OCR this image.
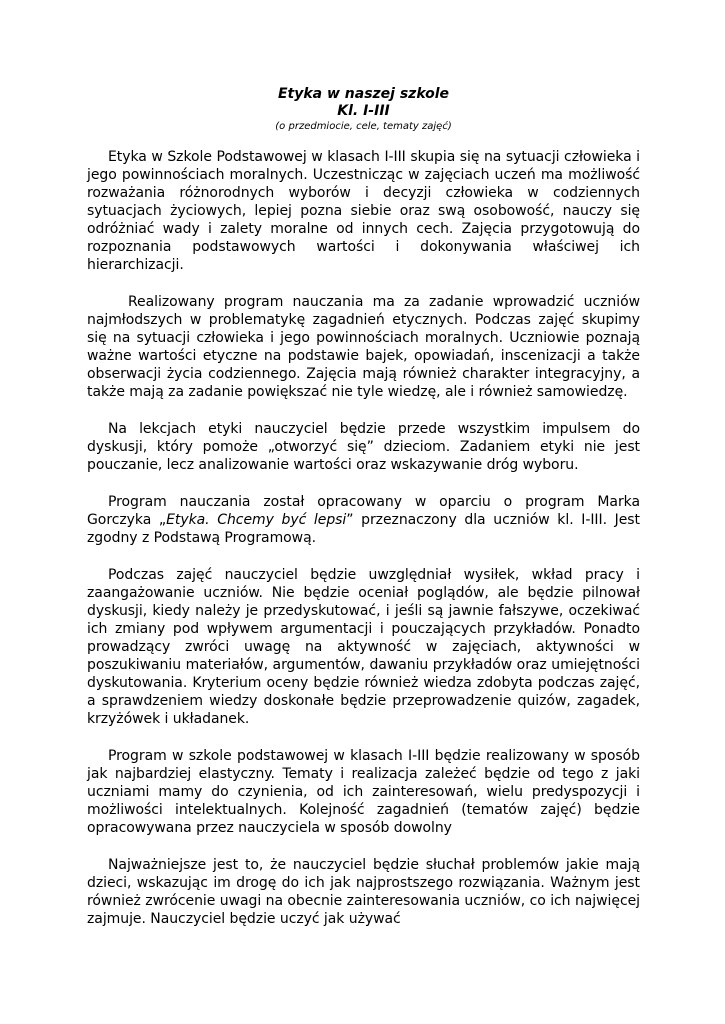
Etyka w naszej szkole

Kl. I-III

(o przedmiocie, cele, tematy zajęć)

Etyka w Szkole Podstawowej w klasach I-III skupia się na sytuacji człowieka i jego powinnościach moralnych. Uczestnicząc w zajęciach uczeń ma możliwość rozważania różnorodnych wyborów i decyzji człowieka w codziennych sytuacjach życiowych, lepiej pozna siebie oraz swą osobowość, nauczy się odróżniać wady i zalety moralne od innych cech. Zajęcia przygotowują do rozpoznania podstawowych wartości i dokonywania właściwej ich hierarchizacji.

Realizowany program nauczania ma za zadanie wprowadzić uczniów najmłodszych w problematykę zagadnień etycznych. Podczas zajęć skupimy się na sytuacji człowieka i jego powinnościach moralnych. Uczniowie poznają ważne wartości etyczne na podstawie bajek, opowiadań, inscenizacji a także obserwacji życia codziennego. Zajęcia mają również charakter integracyjny, a także mają za zadanie powiększać nie tyle wiedzę, ale i również samowiedzę.

Na lekcjach etyki nauczyciel będzie przede wszystkim impulsem do dyskusji, który pomoże „otworzyć się” dzieciom. Zadaniem etyki nie jest pouczanie, lecz analizowanie wartości oraz wskazywanie dróg wyboru.

Program nauczania został opracowany w oparciu o program Marka Gorczyka „Etyka. Chcemy być lepsi” przeznaczony dla uczniów kl. I-III. Jest zgodny z Podstawą Programową.

Podczas zajęć nauczyciel będzie uwzględniał wysiłek, wkład pracy i zaangażowanie uczniów. Nie będzie oceniał poglądów, ale będzie pilnował dyskusji, kiedy należy je przedyskutować, i jeśli są jawnie fałszywe, oczekiwać ich zmiany pod wpływem argumentacji i pouczających przykładów. Ponadto prowadzący zwróci uwagę na aktywność w zajęciach, aktywności w poszukiwaniu materiałów, argumentów, dawaniu przykładów oraz umiejętności dyskutowania. Kryterium oceny będzie również wiedza zdobyta podczas zajęć, a sprawdzeniem wiedzy doskonałe będzie przeprowadzenie quizów, zagadek, krzyżówek i układanek.

Program w szkole podstawowej w klasach I-III będzie realizowany w sposób jak najbardziej elastyczny. Tematy i realizacja zależeć będzie od tego z jaki uczniami mamy do czynienia, od ich zainteresowań, wielu predyspozycji i możliwości intelektualnych. Kolejność zagadnień (tematów zajęć) będzie opracowywana przez nauczyciela w sposób dowolny

Najważniejsze jest to, że nauczyciel będzie słuchał problemów jakie mają dzieci, wskazując im drogę do ich jak najprostszego rozwiązania. Ważnym jest również zwrócenie uwagi na obecnie zainteresowania uczniów, co ich najwięcej zajmuje. Nauczyciel będzie uczyć jak używać
